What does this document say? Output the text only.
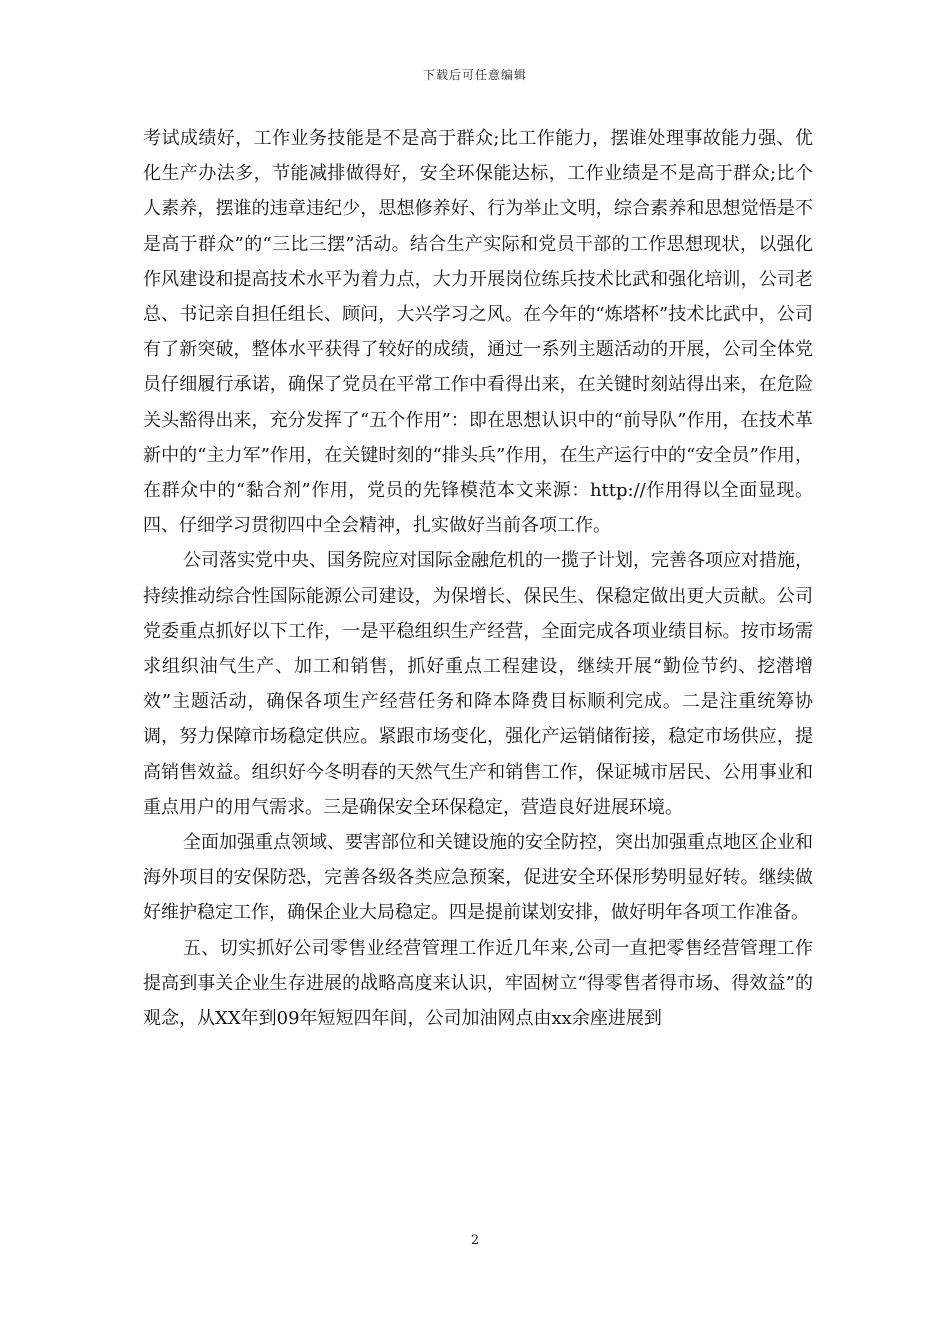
下载后可任意编辑

考试成绩好，工作业务技能是不是高于群众;比工作能力，摆谁处理事故能力强、优化生产办法多，节能减排做得好，安全环保能达标，工作业绩是不是高于群众;比个人素养，摆谁的违章违纪少，思想修养好、行为举止文明，综合素养和思想觉悟是不是高于群众”的“三比三摆”活动。结合生产实际和党员干部的工作思想现状，以强化作风建设和提高技术水平为着力点，大力开展岗位练兵技术比武和强化培训，公司老总、书记亲自担任组长、顾问，大兴学习之风。在今年的“炼塔杯”技术比武中，公司有了新突破，整体水平获得了较好的成绩，通过一系列主题活动的开展，公司全体党员仔细履行承诺，确保了党员在平常工作中看得出来，在关键时刻站得出来，在危险关头豁得出来，充分发挥了“五个作用”：即在思想认识中的“前导队”作用，在技术革新中的“主力军”作用，在关键时刻的“排头兵”作用，在生产运行中的“安全员”作用，在群众中的“黏合剂”作用，党员的先锋模范本文来源：http://作用得以全面显现。四、仔细学习贯彻四中全会精神，扎实做好当前各项工作。

公司落实党中央、国务院应对国际金融危机的一揽子计划，完善各项应对措施，持续推动综合性国际能源公司建设，为保增长、保民生、保稳定做出更大贡献。公司党委重点抓好以下工作，一是平稳组织生产经营，全面完成各项业绩目标。按市场需求组织油气生产、加工和销售，抓好重点工程建设，继续开展“勤俭节约、挖潜增效”主题活动，确保各项生产经营任务和降本降费目标顺利完成。二是注重统筹协调，努力保障市场稳定供应。紧跟市场变化，强化产运销储衔接，稳定市场供应，提高销售效益。组织好今冬明春的天然气生产和销售工作，保证城市居民、公用事业和重点用户的用气需求。三是确保安全环保稳定，营造良好进展环境。

全面加强重点领域、要害部位和关键设施的安全防控，突出加强重点地区企业和海外项目的安保防恐，完善各级各类应急预案，促进安全环保形势明显好转。继续做好维护稳定工作，确保企业大局稳定。四是提前谋划安排，做好明年各项工作准备。

五、切实抓好公司零售业经营管理工作近几年来,公司一直把零售经营管理工作提高到事关企业生存进展的战略高度来认识，牢固树立“得零售者得市场、得效益”的观念，从XX年到09年短短四年间，公司加油网点由xx余座进展到

2
